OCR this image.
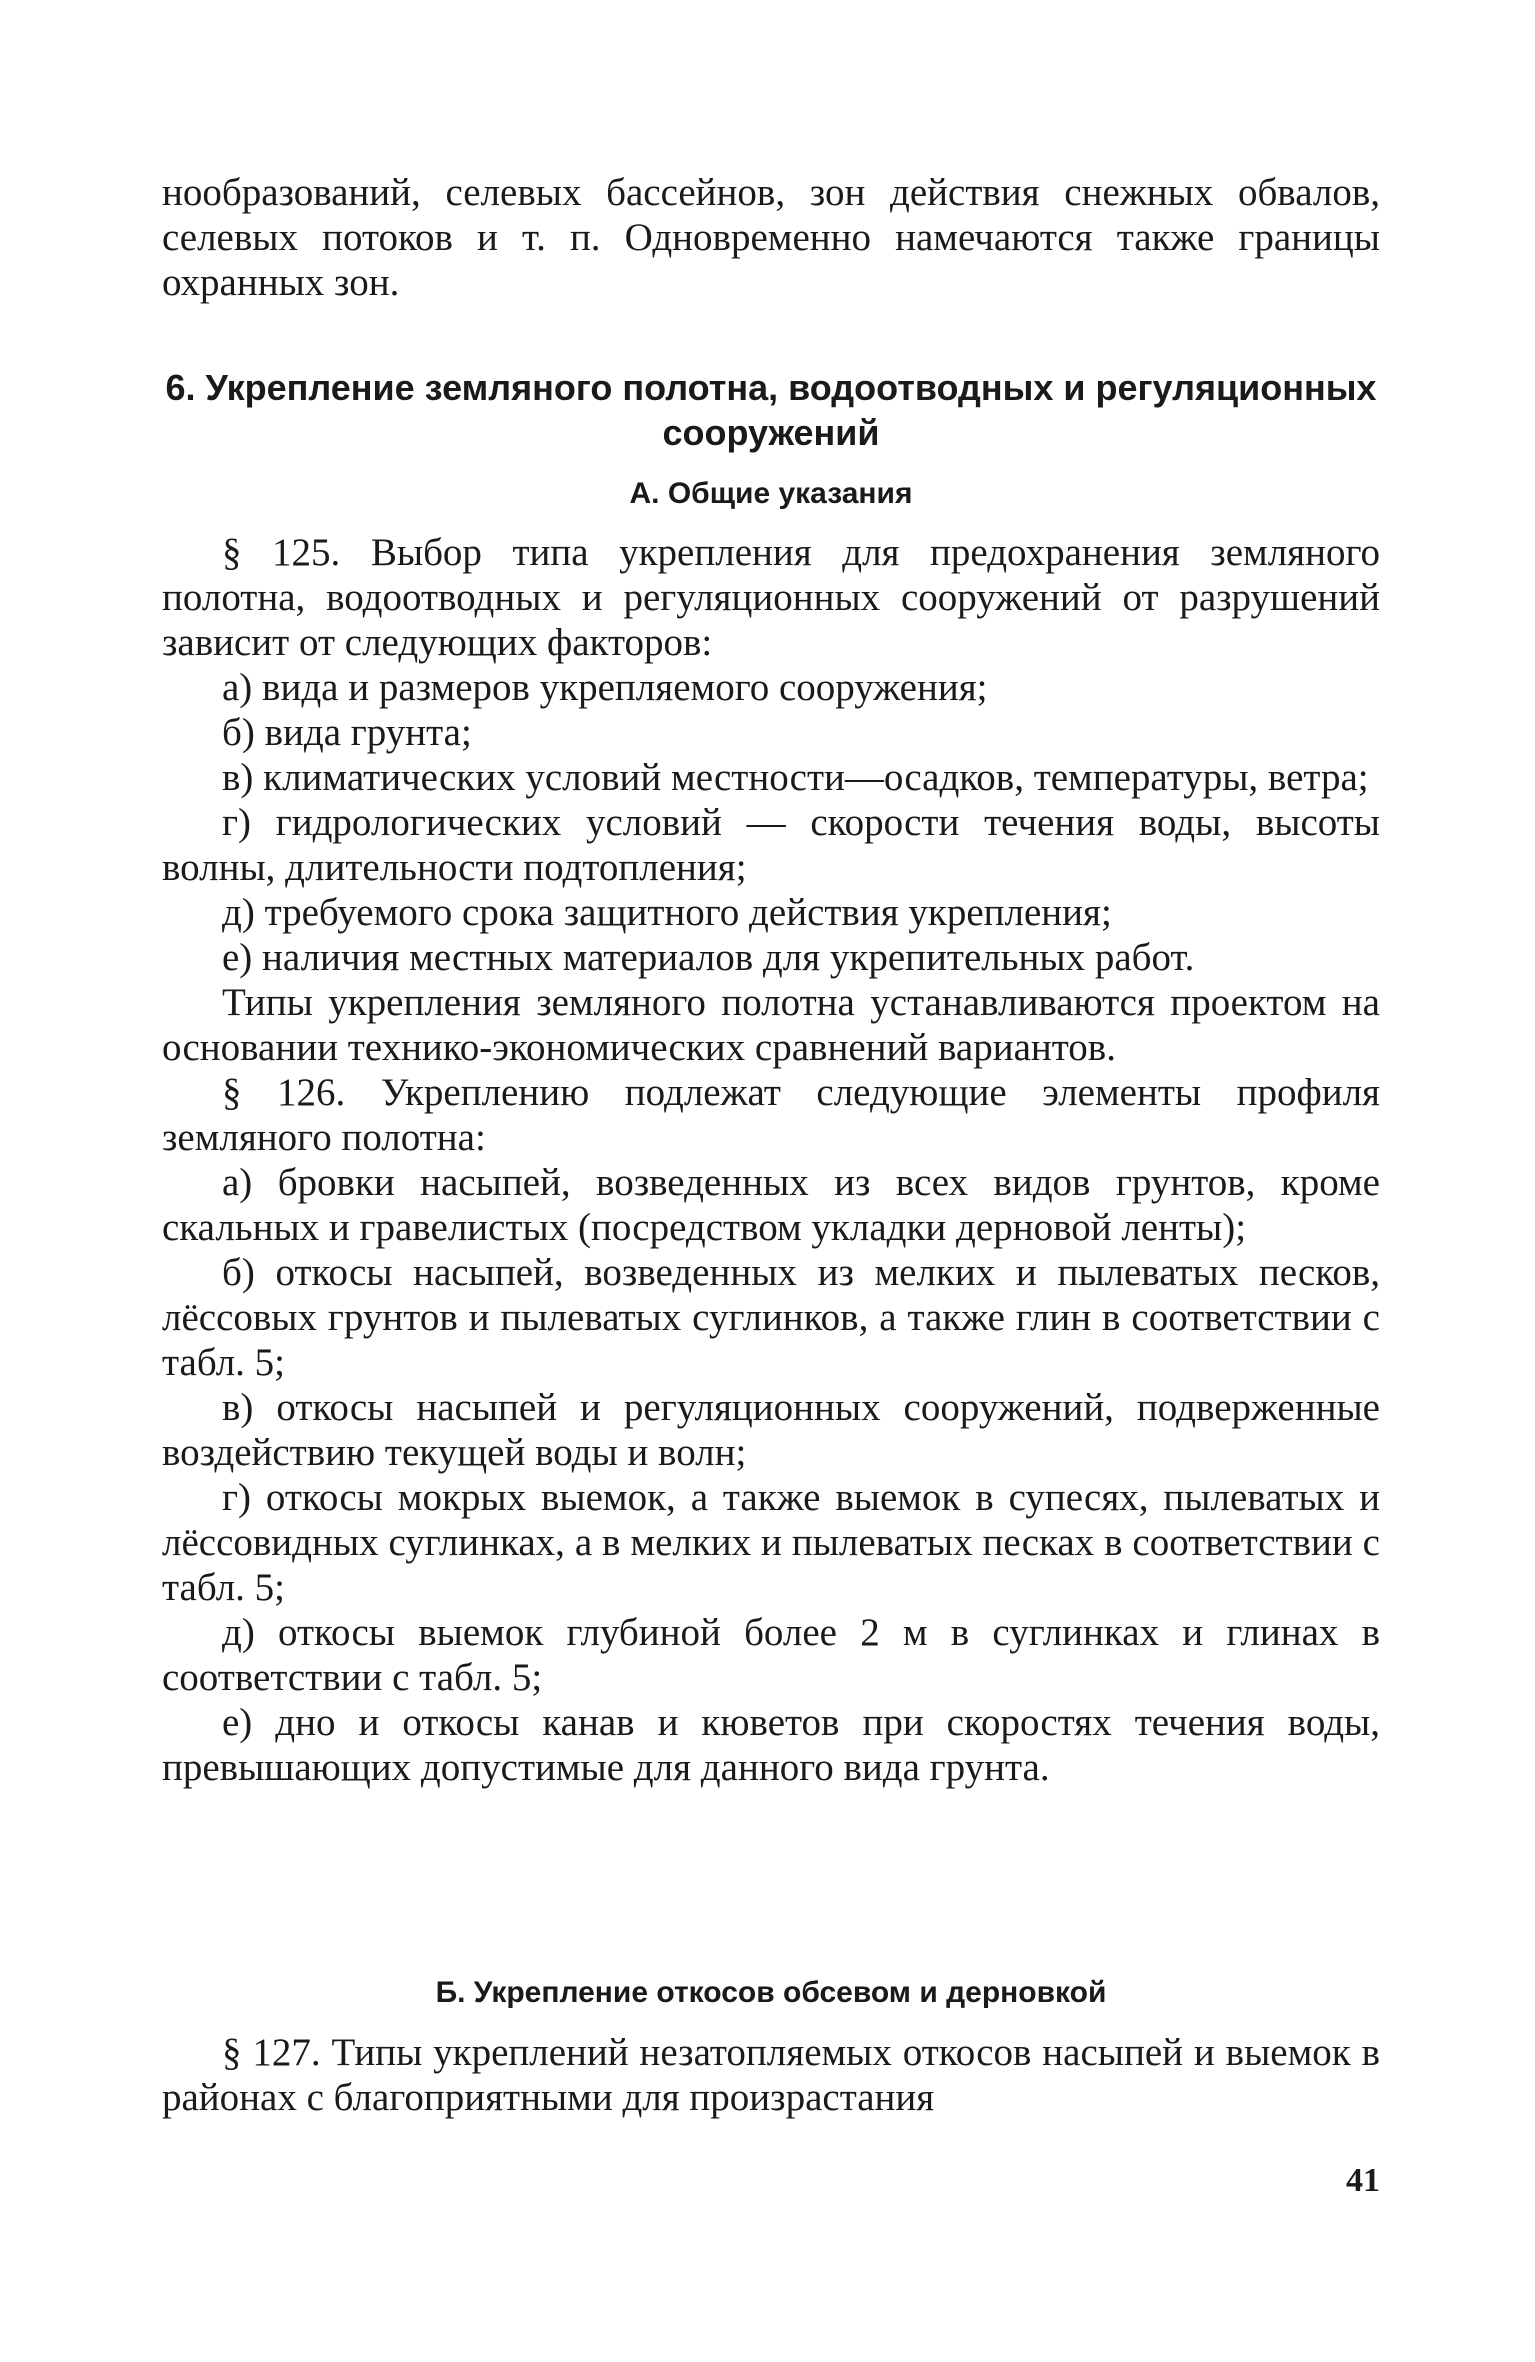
нообразований, селевых бассейнов, зон действия снежных обвалов, селевых потоков и т. п. Одновременно намечаются также границы охранных зон.

6. Укрепление земляного полотна, водоотводных и регуляционных сооружений
А. Общие указания

§ 125. Выбор типа укрепления для предохранения земляного полотна, водоотводных и регуляционных сооружений от разрушений зависит от следующих факторов:

а) вида и размеров укрепляемого сооружения;

б) вида грунта;

в) климатических условий местности—осадков, температуры, ветра;

г) гидрологических условий — скорости течения воды, высоты волны, длительности подтопления;

д) требуемого срока защитного действия укрепления;

е) наличия местных материалов для укрепительных работ.

Типы укрепления земляного полотна устанавливаются проектом на основании технико-экономических сравнений вариантов.

§ 126. Укреплению подлежат следующие элементы профиля земляного полотна:

а) бровки насыпей, возведенных из всех видов грунтов, кроме скальных и гравелистых (посредством укладки дерновой ленты);

б) откосы насыпей, возведенных из мелких и пылеватых песков, лёссовых грунтов и пылеватых суглинков, а также глин в соответствии с табл. 5;

в) откосы насыпей и регуляционных сооружений, подверженные воздействию текущей воды и волн;

г) откосы мокрых выемок, а также выемок в супесях, пылеватых и лёссовидных суглинках, а в мелких и пылеватых песках в соответствии с табл. 5;

д) откосы выемок глубиной более 2 м в суглинках и глинах в соответствии с табл. 5;

е) дно и откосы канав и кюветов при скоростях течения воды, превышающих допустимые для данного вида грунта.

Б. Укрепление откосов обсевом и дерновкой

§ 127. Типы укреплений незатопляемых откосов насыпей и выемок в районах с благоприятными для произрастания

41
